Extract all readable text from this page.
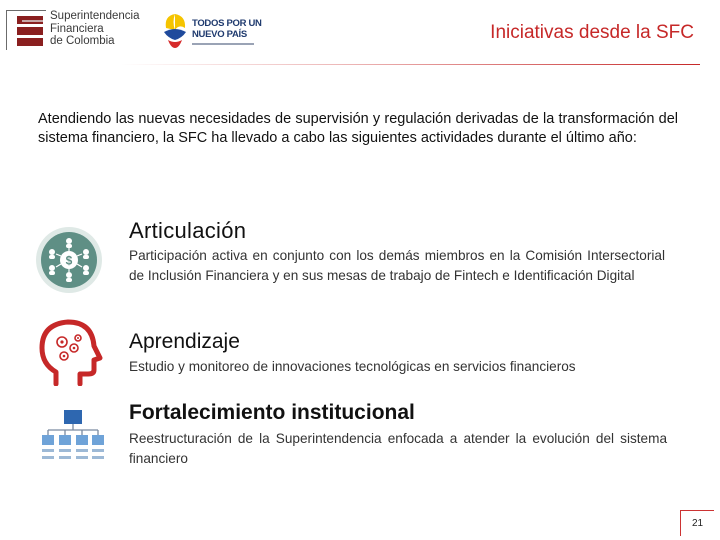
Superintendencia
Financiera
de Colombia
TODOS POR UN
NUEVO PAÍS	Iniciativas desde la SFC

Atendiendo las nuevas necesidades de supervisión y regulación derivadas de la transformación del sistema financiero, la SFC ha llevado a cabo las siguientes actividades durante el último año:

$
Articulación
Participación activa en conjunto con los demás miembros en la Comisión Intersectorial de Inclusión Financiera y en sus mesas de trabajo de Fintech e Identificación Digital
Aprendizaje
Estudio y monitoreo de innovaciones tecnológicas en servicios financieros
Fortalecimiento institucional
Reestructuración de la Superintendencia enfocada a atender la evolución del sistema financiero
21
